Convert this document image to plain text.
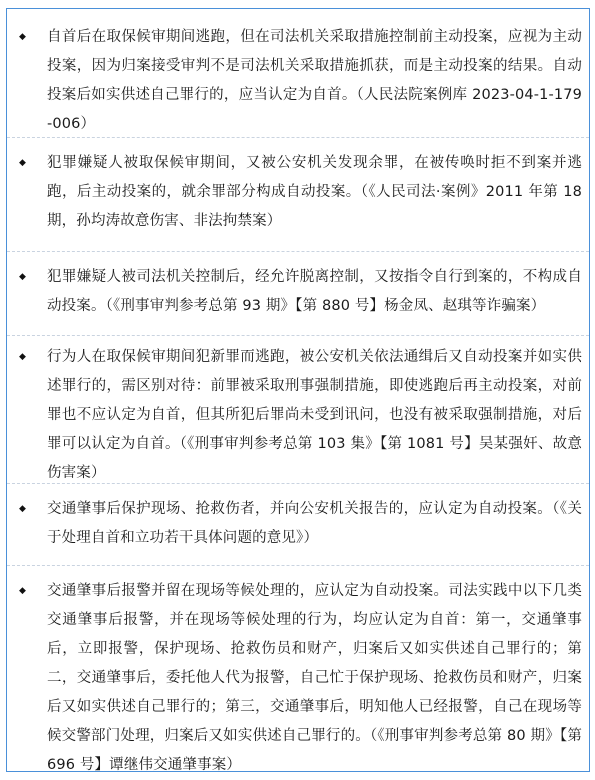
◆ 自首后在取保候审期间逃跑，但在司法机关采取措施控制前主动投案，应视为主动投案，因为归案接受审判不是司法机关采取措施抓获，而是主动投案的结果。自动投案后如实供述自己罪行的，应当认定为自首。（人民法院案例库 2023-04-1-179-006）
◆ 犯罪嫌疑人被取保候审期间，又被公安机关发现余罪，在被传唤时拒不到案并逃跑，后主动投案的，就余罪部分构成自动投案。（《人民司法·案例》2011 年第 18 期，孙均涛故意伤害、非法拘禁案）
◆ 犯罪嫌疑人被司法机关控制后，经允许脱离控制，又按指令自行到案的，不构成自动投案。（《刑事审判参考总第 93 期》【第 880 号】杨金凤、赵琪等诈骗案）
◆ 行为人在取保候审期间犯新罪而逃跑，被公安机关依法通缉后又自动投案并如实供述罪行的，需区别对待：前罪被采取刑事强制措施，即使逃跑后再主动投案，对前罪也不应认定为自首，但其所犯后罪尚未受到讯问，也没有被采取强制措施，对后罪可以认定为自首。（《刑事审判参考总第 103 集》【第 1081 号】吴某强奸、故意伤害案）
◆ 交通肇事后保护现场、抢救伤者，并向公安机关报告的，应认定为自动投案。（《关于处理自首和立功若干具体问题的意见》）
◆ 交通肇事后报警并留在现场等候处理的，应认定为自动投案。司法实践中以下几类交通肇事后报警，并在现场等候处理的行为，均应认定为自首：第一，交通肇事后，立即报警，保护现场、抢救伤员和财产，归案后又如实供述自己罪行的；第二，交通肇事后，委托他人代为报警，自己忙于保护现场、抢救伤员和财产，归案后又如实供述自己罪行的；第三，交通肇事后，明知他人已经报警，自己在现场等候交警部门处理，归案后又如实供述自己罪行的。（《刑事审判参考总第 80 期》【第 696 号】谭继伟交通肇事案）
